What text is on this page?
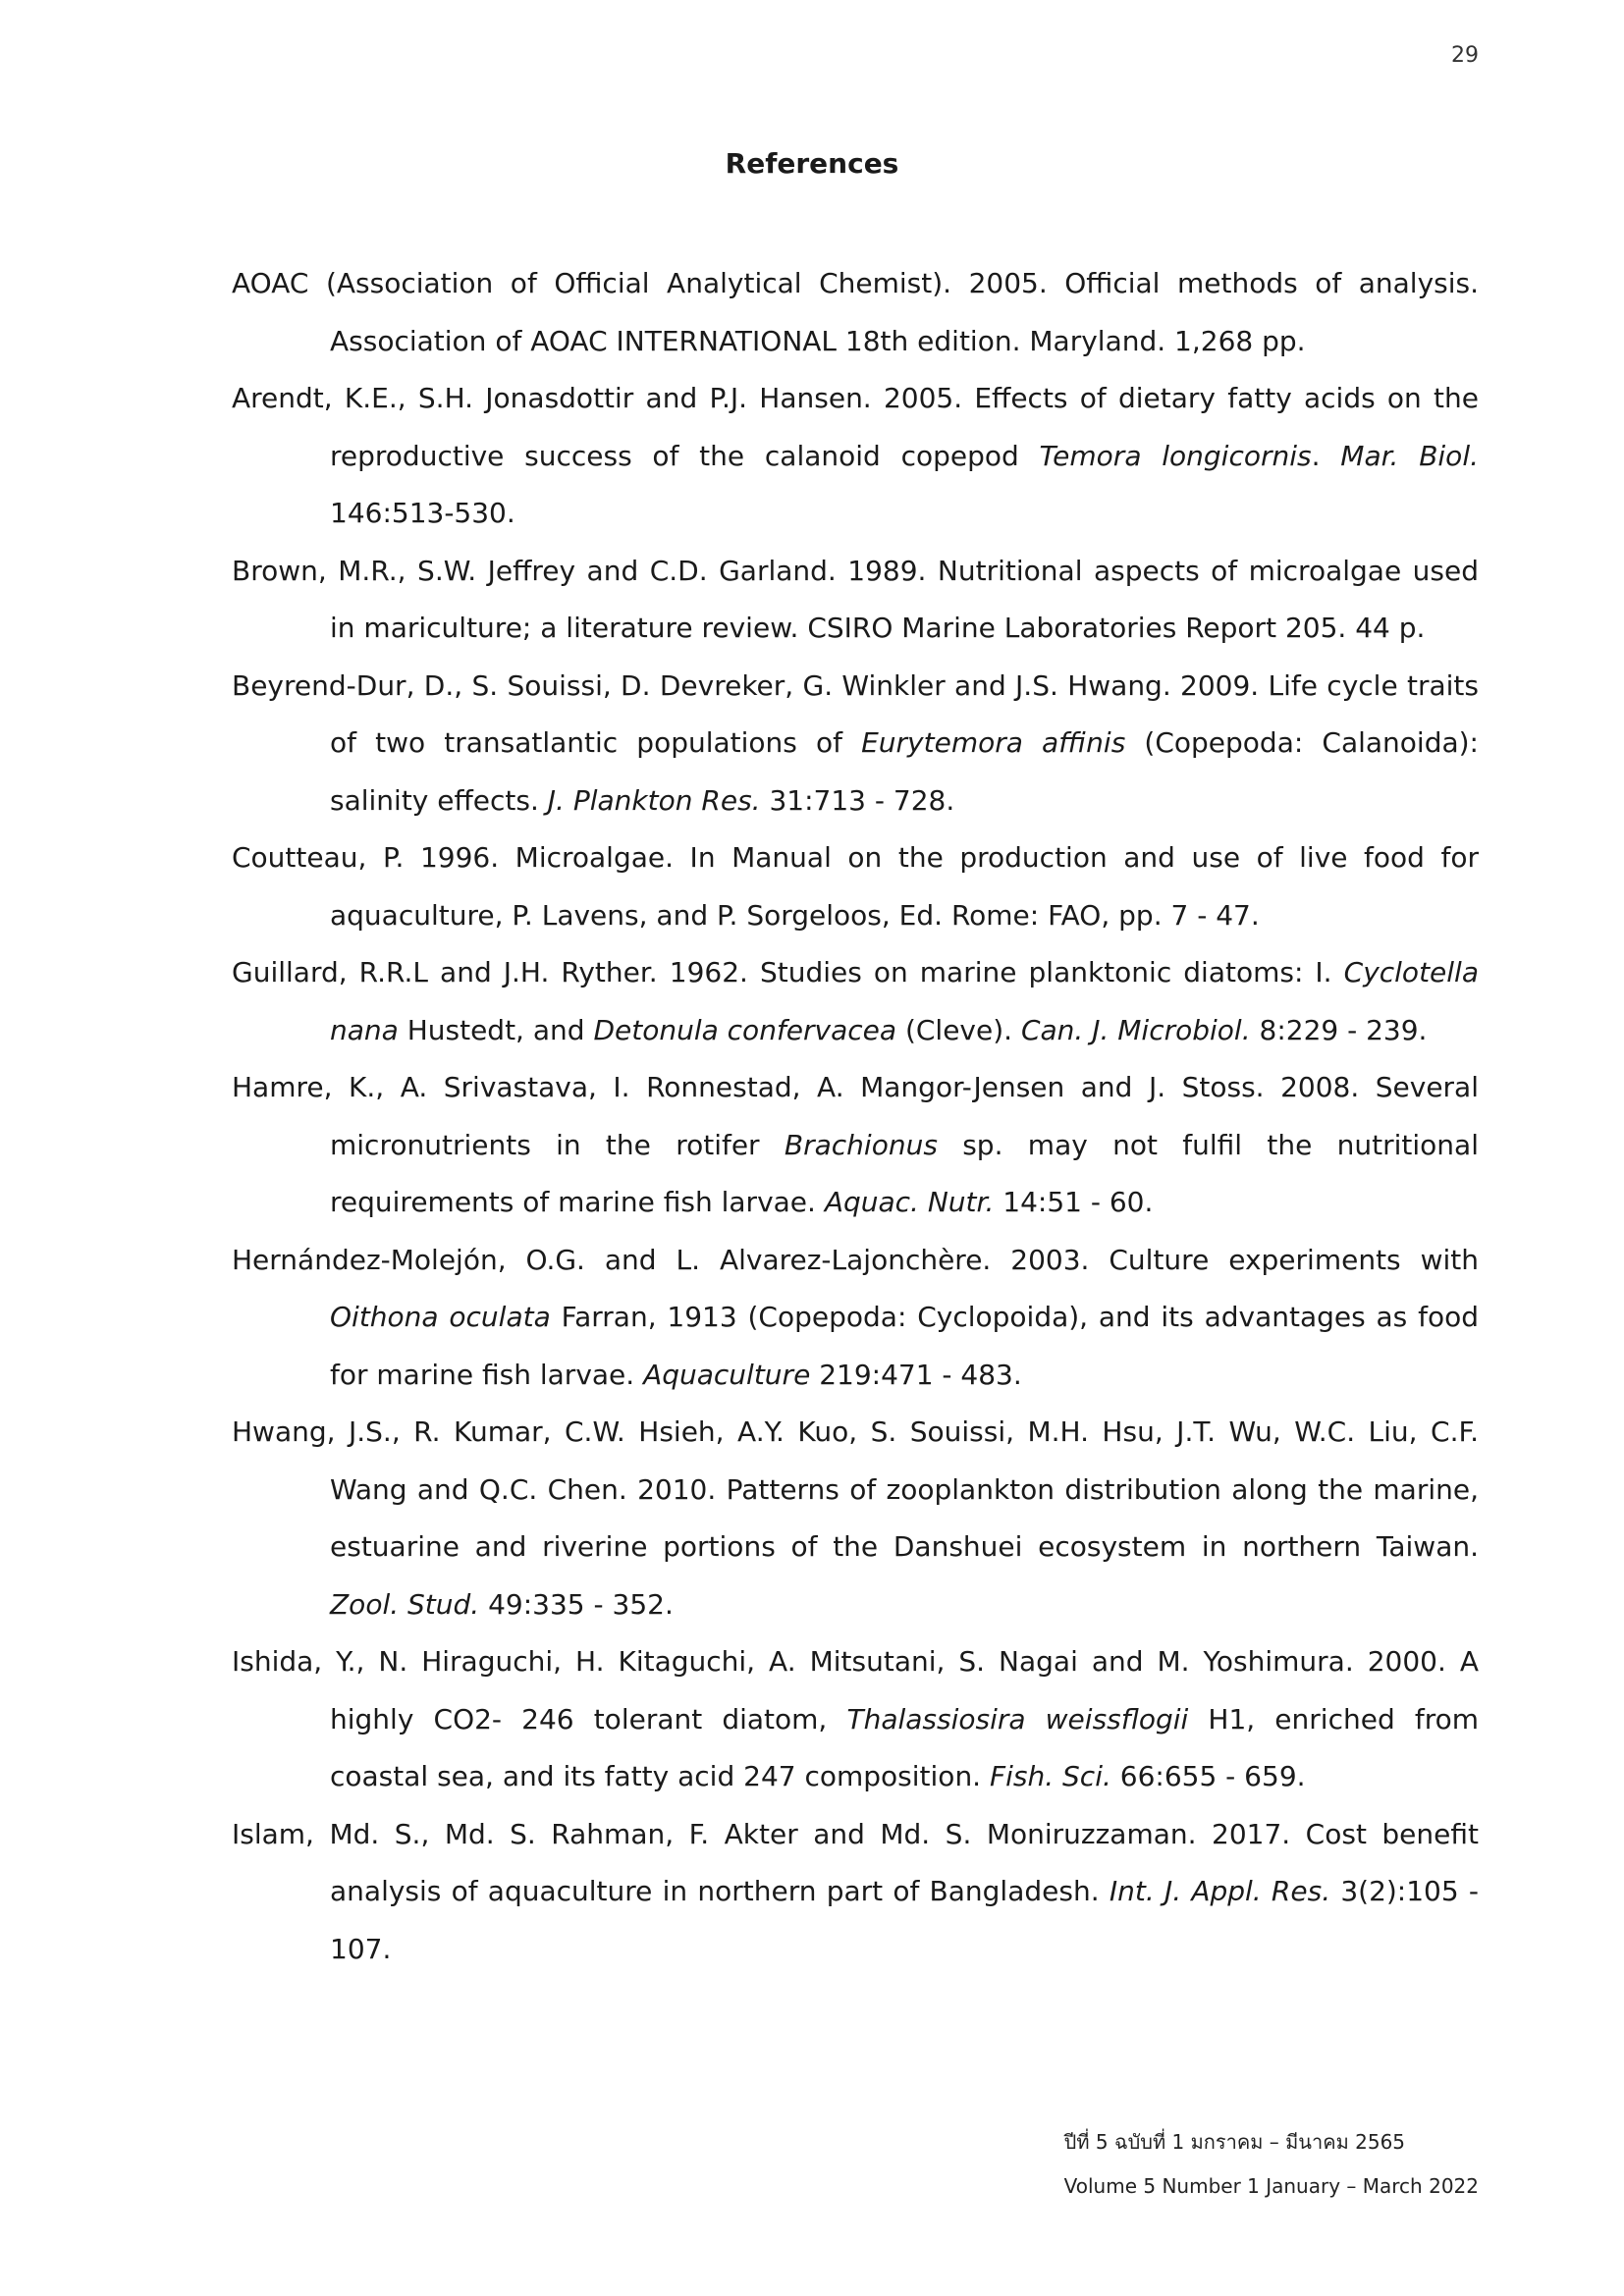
29
References
AOAC (Association of Official Analytical Chemist). 2005. Official methods of analysis. Association of AOAC INTERNATIONAL 18th edition. Maryland. 1,268 pp.
Arendt, K.E., S.H. Jonasdottir and P.J. Hansen. 2005. Effects of dietary fatty acids on the reproductive success of the calanoid copepod Temora longicornis. Mar. Biol. 146:513-530.
Brown, M.R., S.W. Jeffrey and C.D. Garland. 1989. Nutritional aspects of microalgae used in mariculture; a literature review. CSIRO Marine Laboratories Report 205. 44 p.
Beyrend-Dur, D., S. Souissi, D. Devreker, G. Winkler and J.S. Hwang. 2009. Life cycle traits of two transatlantic populations of Eurytemora affinis (Copepoda: Calanoida): salinity effects. J. Plankton Res. 31:713 - 728.
Coutteau, P. 1996. Microalgae. In Manual on the production and use of live food for aquaculture, P. Lavens, and P. Sorgeloos, Ed. Rome: FAO, pp. 7 - 47.
Guillard, R.R.L and J.H. Ryther. 1962. Studies on marine planktonic diatoms: I. Cyclotella nana Hustedt, and Detonula confervacea (Cleve). Can. J. Microbiol. 8:229 - 239.
Hamre, K., A. Srivastava, I. Ronnestad, A. Mangor-Jensen and J. Stoss. 2008. Several micronutrients in the rotifer Brachionus sp. may not fulfil the nutritional requirements of marine fish larvae. Aquac. Nutr. 14:51 - 60.
Hernández-Molejón, O.G. and L. Alvarez-Lajonchère. 2003. Culture experiments with Oithona oculata Farran, 1913 (Copepoda: Cyclopoida), and its advantages as food for marine fish larvae. Aquaculture 219:471 - 483.
Hwang, J.S., R. Kumar, C.W. Hsieh, A.Y. Kuo, S. Souissi, M.H. Hsu, J.T. Wu, W.C. Liu, C.F. Wang and Q.C. Chen. 2010. Patterns of zooplankton distribution along the marine, estuarine and riverine portions of the Danshuei ecosystem in northern Taiwan. Zool. Stud. 49:335 - 352.
Ishida, Y., N. Hiraguchi, H. Kitaguchi, A. Mitsutani, S. Nagai and M. Yoshimura. 2000. A highly CO2- 246 tolerant diatom, Thalassiosira weissflogii H1, enriched from coastal sea, and its fatty acid 247 composition. Fish. Sci. 66:655 - 659.
Islam, Md. S., Md. S. Rahman, F. Akter and Md. S. Moniruzzaman. 2017. Cost benefit analysis of aquaculture in northern part of Bangladesh. Int. J. Appl. Res. 3(2):105 - 107.
ปีที่ 5 ฉบับที่ 1 มกราคม – มีนาคม 2565
Volume 5 Number 1 January – March 2022
